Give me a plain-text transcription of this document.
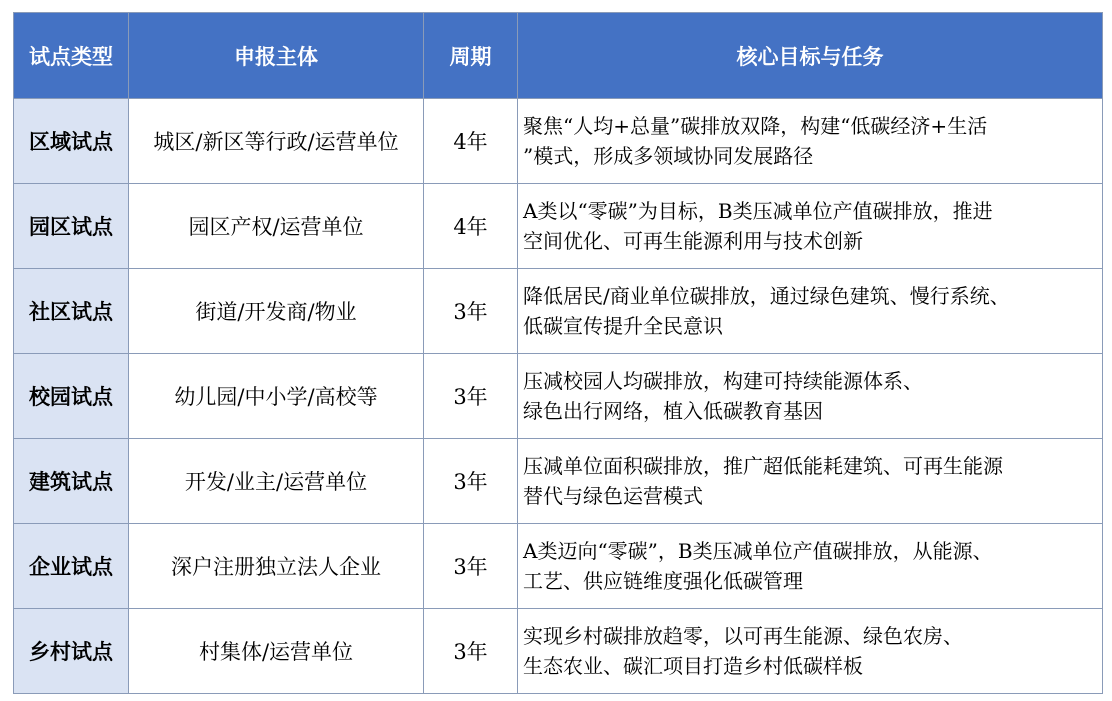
试点类型	申报主体	周期	核心目标与任务
区域试点	城区/新区等行政/运营单位	4年	聚焦“人均+总量”碳排放双降，构建“低碳经济+生活
”模式，形成多领域协同发展路径

园区试点	园区产权/运营单位	4年	A类以“零碳”为目标，B类压减单位产值碳排放，推进
空间优化、可再生能源利用与技术创新

社区试点	街道/开发商/物业	3年	降低居民/商业单位碳排放，通过绿色建筑、慢行系统、
低碳宣传提升全民意识

校园试点	幼儿园/中小学/高校等	3年	压减校园人均碳排放，构建可持续能源体系、
绿色出行网络，植入低碳教育基因

建筑试点	开发/业主/运营单位	3年	压减单位面积碳排放，推广超低能耗建筑、可再生能源
替代与绿色运营模式

企业试点	深户注册独立法人企业	3年	A类迈向“零碳”，B类压减单位产值碳排放，从能源、
工艺、供应链维度强化低碳管理

乡村试点	村集体/运营单位	3年	实现乡村碳排放趋零，以可再生能源、绿色农房、
生态农业、碳汇项目打造乡村低碳样板
